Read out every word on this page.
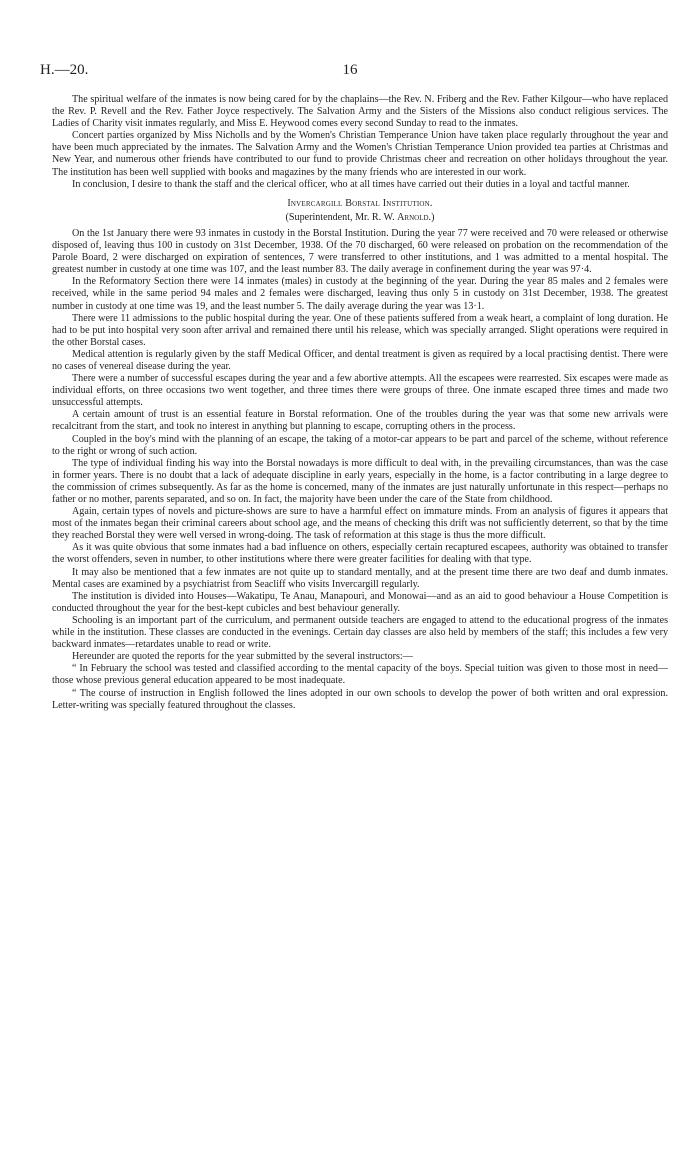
H.—20.	16

The spiritual welfare of the inmates is now being cared for by the chaplains—the Rev. N. Friberg and the Rev. Father Kilgour—who have replaced the Rev. P. Revell and the Rev. Father Joyce respectively. The Salvation Army and the Sisters of the Missions also conduct religious services. The Ladies of Charity visit inmates regularly, and Miss E. Heywood comes every second Sunday to read to the inmates.

Concert parties organized by Miss Nicholls and by the Women's Christian Temperance Union have taken place regularly throughout the year and have been much appreciated by the inmates. The Salvation Army and the Women's Christian Temperance Union provided tea parties at Christmas and New Year, and numerous other friends have contributed to our fund to provide Christmas cheer and recreation on other holidays throughout the year. The institution has been well supplied with books and magazines by the many friends who are interested in our work.

In conclusion, I desire to thank the staff and the clerical officer, who at all times have carried out their duties in a loyal and tactful manner.

Invercargill Borstal Institution.
(Superintendent, Mr. R. W. Arnold.)

On the 1st January there were 93 inmates in custody in the Borstal Institution. During the year 77 were received and 70 were released or otherwise disposed of, leaving thus 100 in custody on 31st December, 1938. Of the 70 discharged, 60 were released on probation on the recommendation of the Parole Board, 2 were discharged on expiration of sentences, 7 were transferred to other institutions, and 1 was admitted to a mental hospital. The greatest number in custody at one time was 107, and the least number 83. The daily average in confinement during the year was 97·4.

In the Reformatory Section there were 14 inmates (males) in custody at the beginning of the year. During the year 85 males and 2 females were received, while in the same period 94 males and 2 females were discharged, leaving thus only 5 in custody on 31st December, 1938. The greatest number in custody at one time was 19, and the least number 5. The daily average during the year was 13·1.

There were 11 admissions to the public hospital during the year. One of these patients suffered from a weak heart, a complaint of long duration. He had to be put into hospital very soon after arrival and remained there until his release, which was specially arranged. Slight operations were required in the other Borstal cases.

Medical attention is regularly given by the staff Medical Officer, and dental treatment is given as required by a local practising dentist. There were no cases of venereal disease during the year.

There were a number of successful escapes during the year and a few abortive attempts. All the escapees were rearrested. Six escapes were made as individual efforts, on three occasions two went together, and three times there were groups of three. One inmate escaped three times and made two unsuccessful attempts.

A certain amount of trust is an essential feature in Borstal reformation. One of the troubles during the year was that some new arrivals were recalcitrant from the start, and took no interest in anything but planning to escape, corrupting others in the process.

Coupled in the boy's mind with the planning of an escape, the taking of a motor-car appears to be part and parcel of the scheme, without reference to the right or wrong of such action.

The type of individual finding his way into the Borstal nowadays is more difficult to deal with, in the prevailing circumstances, than was the case in former years. There is no doubt that a lack of adequate discipline in early years, especially in the home, is a factor contributing in a large degree to the commission of crimes subsequently. As far as the home is concerned, many of the inmates are just naturally unfortunate in this respect—perhaps no father or no mother, parents separated, and so on. In fact, the majority have been under the care of the State from childhood.

Again, certain types of novels and picture-shows are sure to have a harmful effect on immature minds. From an analysis of figures it appears that most of the inmates began their criminal careers about school age, and the means of checking this drift was not sufficiently deterrent, so that by the time they reached Borstal they were well versed in wrong-doing. The task of reformation at this stage is thus the more difficult.

As it was quite obvious that some inmates had a bad influence on others, especially certain recaptured escapees, authority was obtained to transfer the worst offenders, seven in number, to other institutions where there were greater facilities for dealing with that type.

It may also be mentioned that a few inmates are not quite up to standard mentally, and at the present time there are two deaf and dumb inmates. Mental cases are examined by a psychiatrist from Seacliff who visits Invercargill regularly.

The institution is divided into Houses—Wakatipu, Te Anau, Manapouri, and Monowai—and as an aid to good behaviour a House Competition is conducted throughout the year for the best-kept cubicles and best behaviour generally.

Schooling is an important part of the curriculum, and permanent outside teachers are engaged to attend to the educational progress of the inmates while in the institution. These classes are conducted in the evenings. Certain day classes are also held by members of the staff; this includes a few very backward inmates—retardates unable to read or write.

Hereunder are quoted the reports for the year submitted by the several instructors:—

“ In February the school was tested and classified according to the mental capacity of the boys. Special tuition was given to those most in need—those whose previous general education appeared to be most inadequate.

“ The course of instruction in English followed the lines adopted in our own schools to develop the power of both written and oral expression. Letter-writing was specially featured throughout the classes.
